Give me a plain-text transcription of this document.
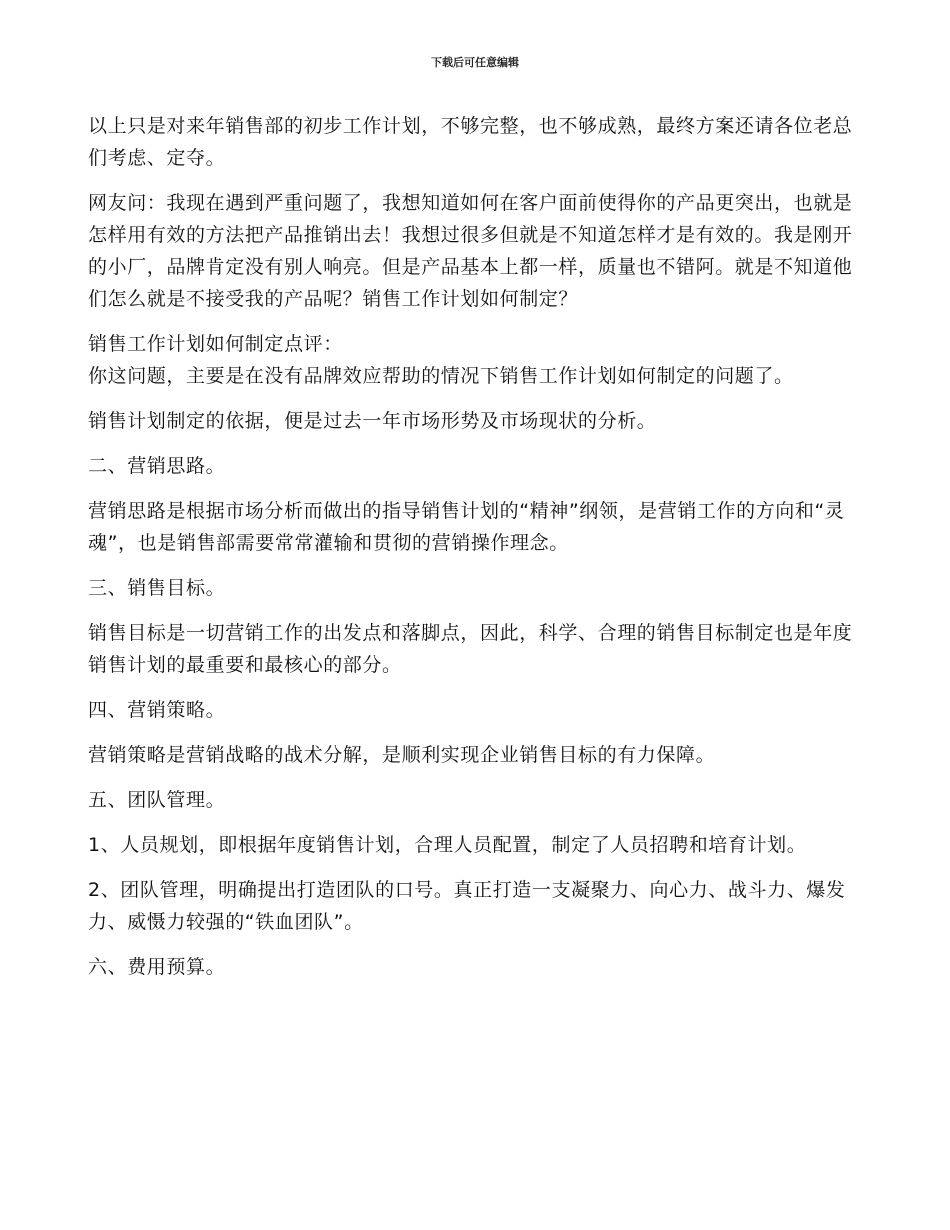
下载后可任意编辑

以上只是对来年销售部的初步工作计划，不够完整，也不够成熟，最终方案还请各位老总们考虑、定夺。

网友问：我现在遇到严重问题了，我想知道如何在客户面前使得你的产品更突出，也就是怎样用有效的方法把产品推销出去！我想过很多但就是不知道怎样才是有效的。我是刚开的小厂，品牌肯定没有别人响亮。但是产品基本上都一样，质量也不错阿。就是不知道他们怎么就是不接受我的产品呢？销售工作计划如何制定？

销售工作计划如何制定点评：

你这问题，主要是在没有品牌效应帮助的情况下销售工作计划如何制定的问题了。

销售计划制定的依据，便是过去一年市场形势及市场现状的分析。

二、营销思路。

营销思路是根据市场分析而做出的指导销售计划的“精神”纲领，是营销工作的方向和“灵魂”，也是销售部需要常常灌输和贯彻的营销操作理念。

三、销售目标。

销售目标是一切营销工作的出发点和落脚点，因此，科学、合理的销售目标制定也是年度销售计划的最重要和最核心的部分。

四、营销策略。

营销策略是营销战略的战术分解，是顺利实现企业销售目标的有力保障。

五、团队管理。

1、人员规划，即根据年度销售计划，合理人员配置，制定了人员招聘和培育计划。

2、团队管理，明确提出打造团队的口号。真正打造一支凝聚力、向心力、战斗力、爆发力、威慑力较强的“铁血团队”。

六、费用预算。
